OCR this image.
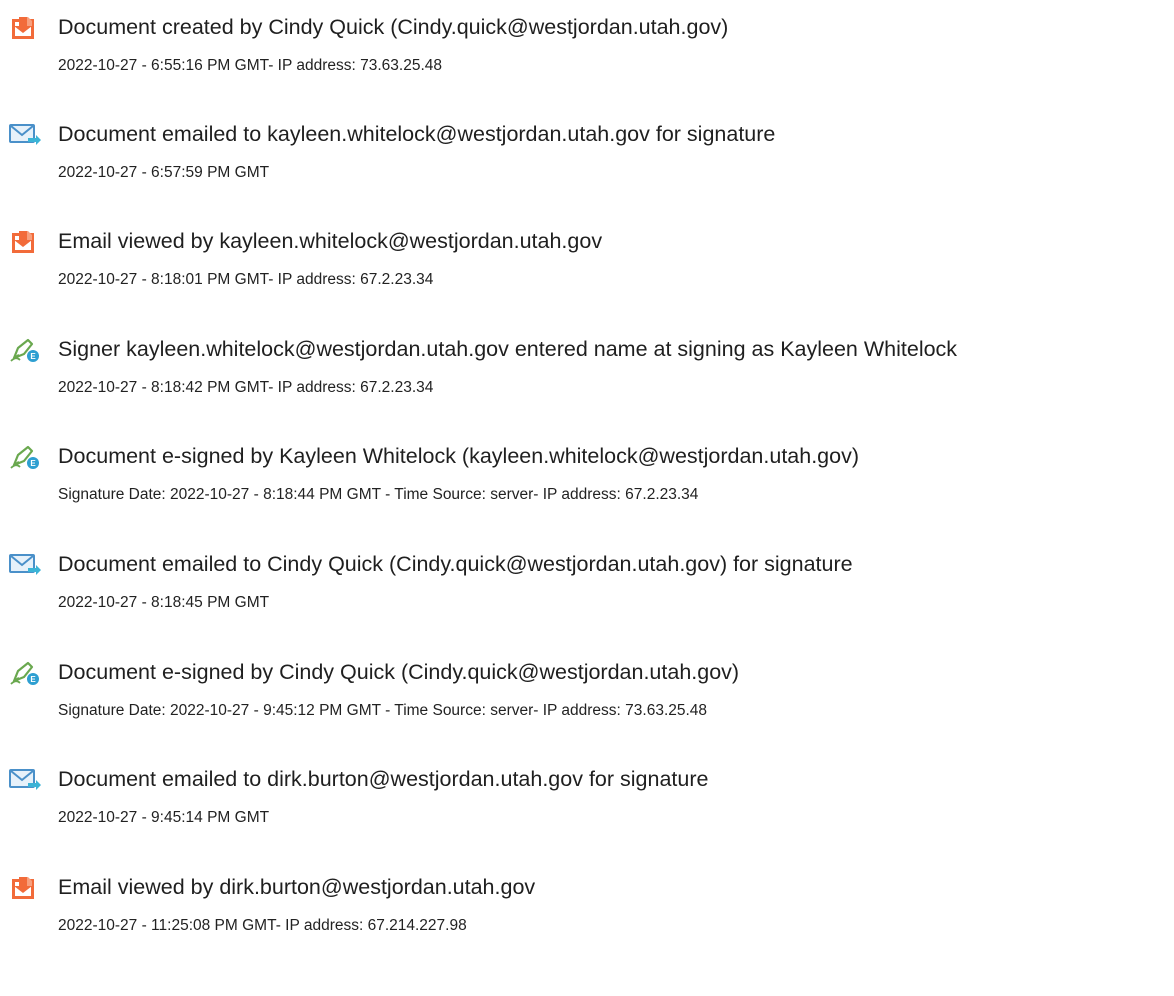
Document created by Cindy Quick (Cindy.quick@westjordan.utah.gov)
2022-10-27 - 6:55:16 PM GMT- IP address: 73.63.25.48
Document emailed to kayleen.whitelock@westjordan.utah.gov for signature
2022-10-27 - 6:57:59 PM GMT
Email viewed by kayleen.whitelock@westjordan.utah.gov
2022-10-27 - 8:18:01 PM GMT- IP address: 67.2.23.34
E Signer kayleen.whitelock@westjordan.utah.gov entered name at signing as Kayleen Whitelock
2022-10-27 - 8:18:42 PM GMT- IP address: 67.2.23.34
E Document e-signed by Kayleen Whitelock (kayleen.whitelock@westjordan.utah.gov)
Signature Date: 2022-10-27 - 8:18:44 PM GMT - Time Source: server- IP address: 67.2.23.34
Document emailed to Cindy Quick (Cindy.quick@westjordan.utah.gov) for signature
2022-10-27 - 8:18:45 PM GMT
E Document e-signed by Cindy Quick (Cindy.quick@westjordan.utah.gov)
Signature Date: 2022-10-27 - 9:45:12 PM GMT - Time Source: server- IP address: 73.63.25.48
Document emailed to dirk.burton@westjordan.utah.gov for signature
2022-10-27 - 9:45:14 PM GMT
Email viewed by dirk.burton@westjordan.utah.gov
2022-10-27 - 11:25:08 PM GMT- IP address: 67.214.227.98
